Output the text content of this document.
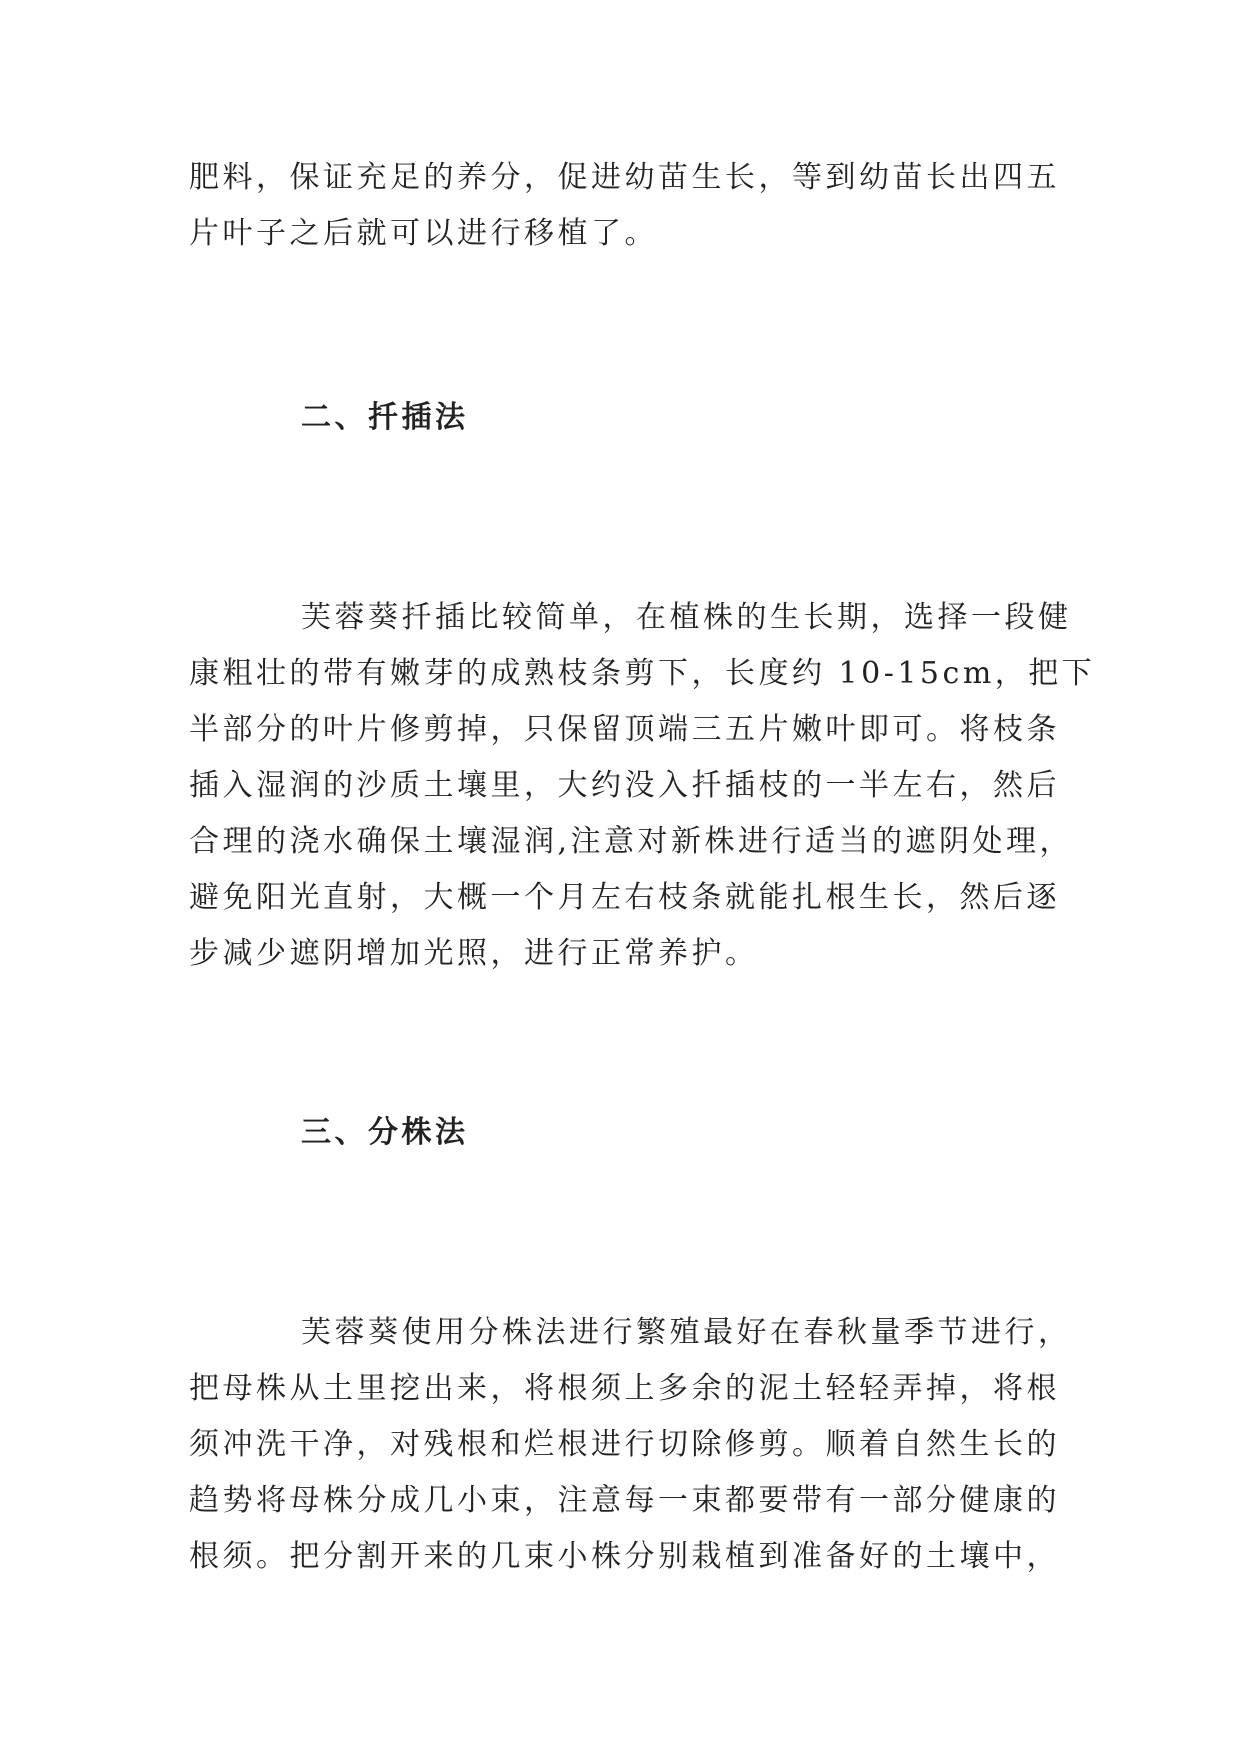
肥料，保证充足的养分，促进幼苗生长，等到幼苗长出四五
片叶子之后就可以进行移植了。
二、扦插法
芙蓉葵扦插比较简单，在植株的生长期，选择一段健
康粗壮的带有嫩芽的成熟枝条剪下，长度约 10-15cm，把下
半部分的叶片修剪掉，只保留顶端三五片嫩叶即可。将枝条
插入湿润的沙质土壤里，大约没入扦插枝的一半左右，然后
合理的浇水确保土壤湿润,注意对新株进行适当的遮阴处理，
避免阳光直射，大概一个月左右枝条就能扎根生长，然后逐
步减少遮阴增加光照，进行正常养护。
三、分株法
芙蓉葵使用分株法进行繁殖最好在春秋量季节进行，
把母株从土里挖出来，将根须上多余的泥土轻轻弄掉，将根
须冲洗干净，对残根和烂根进行切除修剪。顺着自然生长的
趋势将母株分成几小束，注意每一束都要带有一部分健康的
根须。把分割开来的几束小株分别栽植到准备好的土壤中，
